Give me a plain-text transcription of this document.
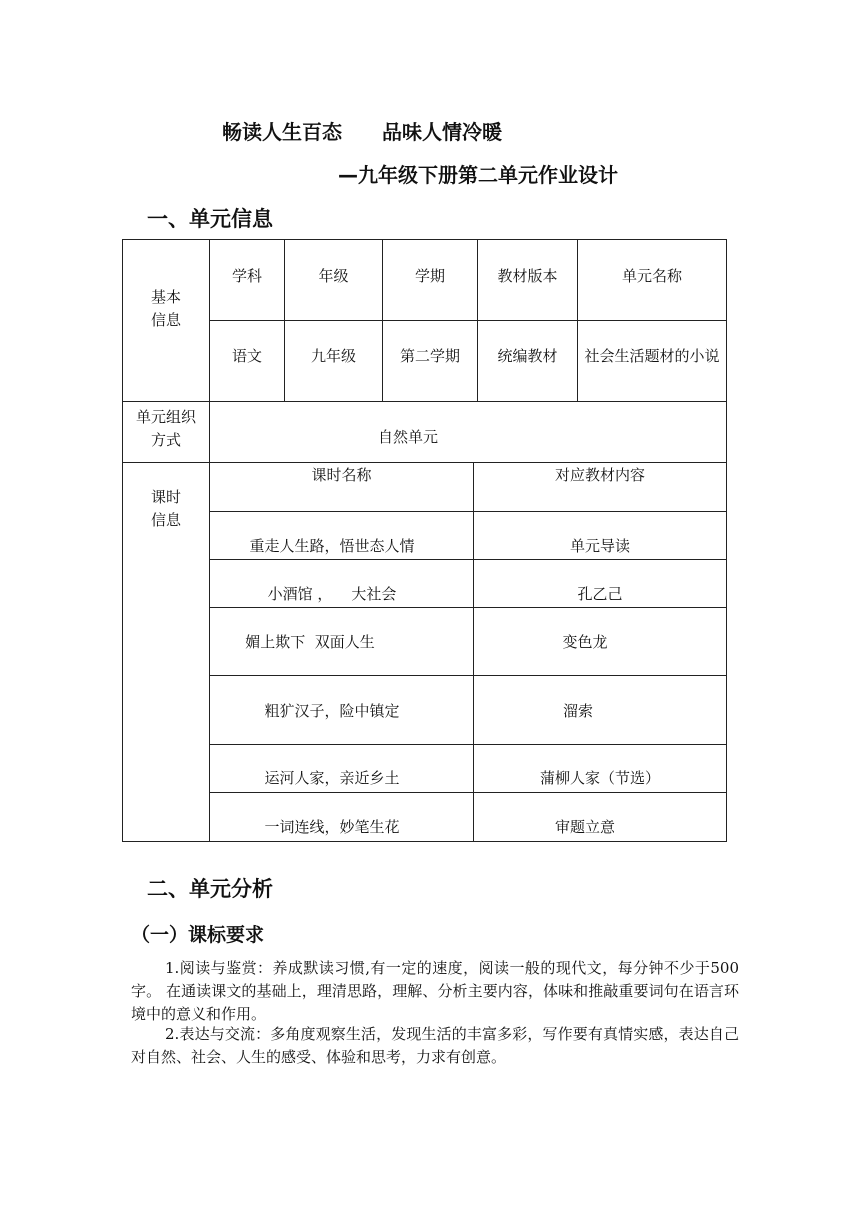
畅读人生百态 品味人情冷暖
—九年级下册第二单元作业设计
一、单元信息
基本信息
学科	年级	学期	教材版本	单元名称
语文	九年级	第二学期	统编教材	社会生活题材的小说
单元组织方式	自然单元
课时信息
课时名称	对应教材内容
重走人生路，悟世态人情	单元导读
小酒馆 ，    大社会	孔乙己
媚上欺下  双面人生	变色龙
粗犷汉子，险中镇定	溜索
运河人家，亲近乡土	蒲柳人家（节选）
一词连线，妙笔生花	审题立意
二、单元分析
（一）课标要求
1.阅读与鉴赏：养成默读习惯,有一定的速度，阅读一般的现代文，每分钟不少于500字。 在通读课文的基础上，理清思路，理解、分析主要内容，体味和推敲重要词句在语言环境中的意义和作用。
2.表达与交流：多角度观察生活，发现生活的丰富多彩，写作要有真情实感，表达自己对自然、社会、人生的感受、体验和思考，力求有创意。
